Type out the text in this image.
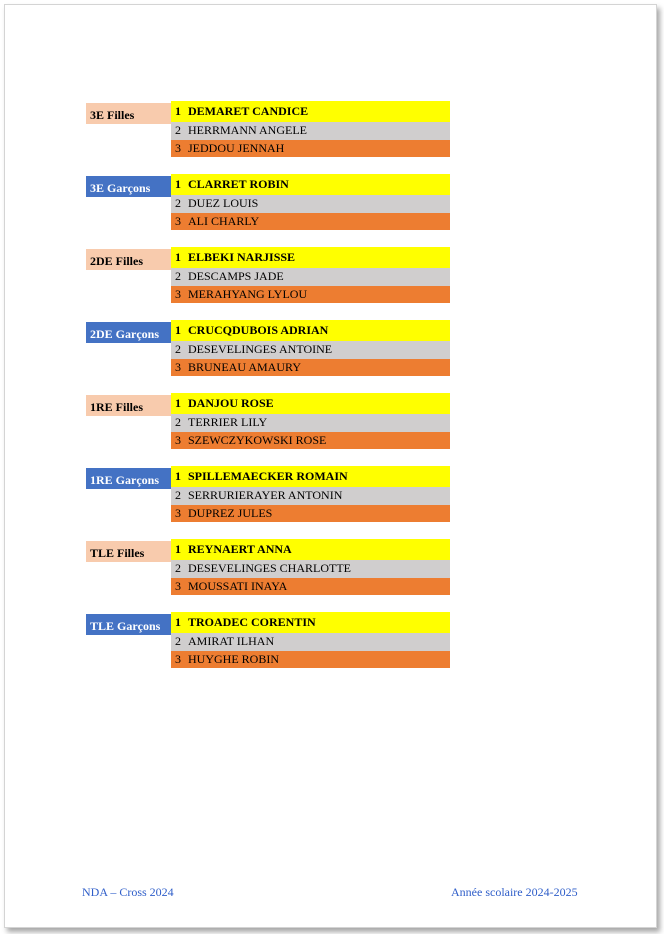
3E Filles	1 DEMARET CANDICE
2 HERRMANN ANGELE
3 JEDDOU JENNAH
3E Garçons	1 CLARRET ROBIN
2 DUEZ LOUIS
3 ALI CHARLY
2DE Filles	1 ELBEKI NARJISSE
2 DESCAMPS JADE
3 MERAHYANG LYLOU
2DE Garçons	1 CRUCQDUBOIS ADRIAN
2 DESEVELINGES ANTOINE
3 BRUNEAU AMAURY
1RE Filles	1 DANJOU ROSE
2 TERRIER LILY
3 SZEWCZYKOWSKI ROSE
1RE Garçons	1 SPILLEMAECKER ROMAIN
2 SERRURIERAYER ANTONIN
3 DUPREZ JULES
TLE Filles	1 REYNAERT ANNA
2 DESEVELINGES CHARLOTTE
3 MOUSSATI INAYA
TLE Garçons	1 TROADEC CORENTIN
2 AMIRAT ILHAN
3 HUYGHE ROBIN
NDA – Cross 2024	Année scolaire 2024-2025
